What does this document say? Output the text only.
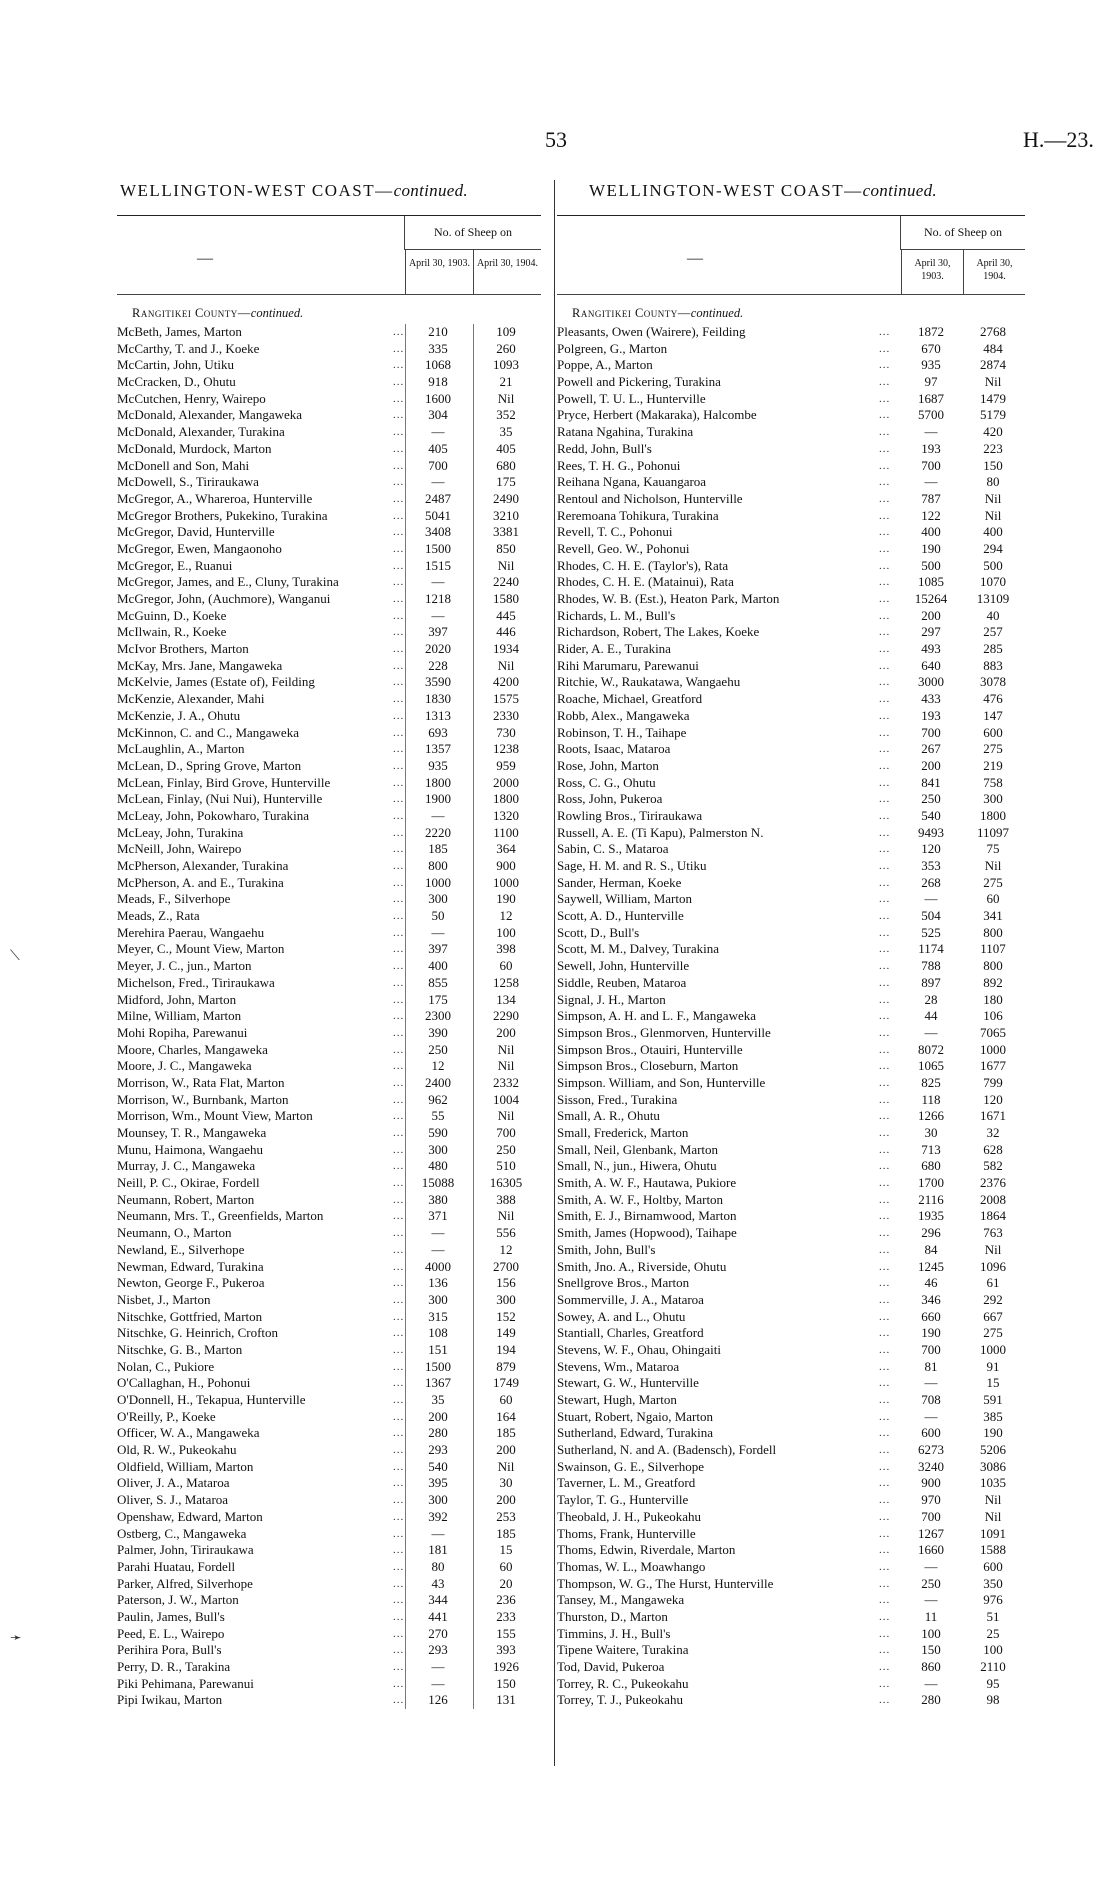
53	H.—23.
WELLINGTON-WEST COAST—continued.	WELLINGTON-WEST COAST—continued.
⟍
➛
—
No. of Sheep on
April 30, 1903. April 30, 1904.
Rangitikei County—continued.
McBeth, James, Marton	...	210	109
McCarthy, T. and J., Koeke	...	335	260
McCartin, John, Utiku	...	1068	1093
McCracken, D., Ohutu	...	918	21
McCutchen, Henry, Wairepo	...	1600	Nil
McDonald, Alexander, Mangaweka	...	304	352
McDonald, Alexander, Turakina	...	—	35
McDonald, Murdock, Marton	...	405	405
McDonell and Son, Mahi	...	700	680
McDowell, S., Tiriraukawa	...	—	175
McGregor, A., Whareroa, Hunterville	...	2487	2490
McGregor Brothers, Pukekino, Turakina	...	5041	3210
McGregor, David, Hunterville	...	3408	3381
McGregor, Ewen, Mangaonoho	...	1500	850
McGregor, E., Ruanui	...	1515	Nil
McGregor, James, and E., Cluny, Turakina	...	—	2240
McGregor, John, (Auchmore), Wanganui	...	1218	1580
McGuinn, D., Koeke	...	—	445
McIlwain, R., Koeke	...	397	446
McIvor Brothers, Marton	...	2020	1934
McKay, Mrs. Jane, Mangaweka	...	228	Nil
McKelvie, James (Estate of), Feilding	...	3590	4200
McKenzie, Alexander, Mahi	...	1830	1575
McKenzie, J. A., Ohutu	...	1313	2330
McKinnon, C. and C., Mangaweka	...	693	730
McLaughlin, A., Marton	...	1357	1238
McLean, D., Spring Grove, Marton	...	935	959
McLean, Finlay, Bird Grove, Hunterville	...	1800	2000
McLean, Finlay, (Nui Nui), Hunterville	...	1900	1800
McLeay, John, Pokowharo, Turakina	...	—	1320
McLeay, John, Turakina	...	2220	1100
McNeill, John, Wairepo	...	185	364
McPherson, Alexander, Turakina	...	800	900
McPherson, A. and E., Turakina	...	1000	1000
Meads, F., Silverhope	...	300	190
Meads, Z., Rata	...	50	12
Merehira Paerau, Wangaehu	...	—	100
Meyer, C., Mount View, Marton	...	397	398
Meyer, J. C., jun., Marton	...	400	60
Michelson, Fred., Tiriraukawa	...	855	1258
Midford, John, Marton	...	175	134
Milne, William, Marton	...	2300	2290
Mohi Ropiha, Parewanui	...	390	200
Moore, Charles, Mangaweka	...	250	Nil
Moore, J. C., Mangaweka	...	12	Nil
Morrison, W., Rata Flat, Marton	...	2400	2332
Morrison, W., Burnbank, Marton	...	962	1004
Morrison, Wm., Mount View, Marton	...	55	Nil
Mounsey, T. R., Mangaweka	...	590	700
Munu, Haimona, Wangaehu	...	300	250
Murray, J. C., Mangaweka	...	480	510
Neill, P. C., Okirae, Fordell	...	15088	16305
Neumann, Robert, Marton	...	380	388
Neumann, Mrs. T., Greenfields, Marton	...	371	Nil
Neumann, O., Marton	...	—	556
Newland, E., Silverhope	...	—	12
Newman, Edward, Turakina	...	4000	2700
Newton, George F., Pukeroa	...	136	156
Nisbet, J., Marton	...	300	300
Nitschke, Gottfried, Marton	...	315	152
Nitschke, G. Heinrich, Crofton	...	108	149
Nitschke, G. B., Marton	...	151	194
Nolan, C., Pukiore	...	1500	879
O'Callaghan, H., Pohonui	...	1367	1749
O'Donnell, H., Tekapua, Hunterville	...	35	60
O'Reilly, P., Koeke	...	200	164
Officer, W. A., Mangaweka	...	280	185
Old, R. W., Pukeokahu	...	293	200
Oldfield, William, Marton	...	540	Nil
Oliver, J. A., Mataroa	...	395	30
Oliver, S. J., Mataroa	...	300	200
Openshaw, Edward, Marton	...	392	253
Ostberg, C., Mangaweka	...	—	185
Palmer, John, Tiriraukawa	...	181	15
Parahi Huatau, Fordell	...	80	60
Parker, Alfred, Silverhope	...	43	20
Paterson, J. W., Marton	...	344	236
Paulin, James, Bull's	...	441	233
Peed, E. L., Wairepo	...	270	155
Perihira Pora, Bull's	...	293	393
Perry, D. R., Tarakina	...	—	1926
Piki Pehimana, Parewanui	...	—	150
Pipi Iwikau, Marton	...	126	131
—
No. of Sheep on
April 30, 1903.
April 30, 1904.
Rangitikei County—continued.
Pleasants, Owen (Wairere), Feilding	...	1872	2768
Polgreen, G., Marton	...	670	484
Poppe, A., Marton	...	935	2874
Powell and Pickering, Turakina	...	97	Nil
Powell, T. U. L., Hunterville	...	1687	1479
Pryce, Herbert (Makaraka), Halcombe	...	5700	5179
Ratana Ngahina, Turakina	...	—	420
Redd, John, Bull's	...	193	223
Rees, T. H. G., Pohonui	...	700	150
Reihana Ngana, Kauangaroa	...	—	80
Rentoul and Nicholson, Hunterville	...	787	Nil
Reremoana Tohikura, Turakina	...	122	Nil
Revell, T. C., Pohonui	...	400	400
Revell, Geo. W., Pohonui	...	190	294
Rhodes, C. H. E. (Taylor's), Rata	...	500	500
Rhodes, C. H. E. (Matainui), Rata	...	1085	1070
Rhodes, W. B. (Est.), Heaton Park, Marton	...	15264	13109
Richards, L. M., Bull's	...	200	40
Richardson, Robert, The Lakes, Koeke	...	297	257
Rider, A. E., Turakina	...	493	285
Rihi Marumaru, Parewanui	...	640	883
Ritchie, W., Raukatawa, Wangaehu	...	3000	3078
Roache, Michael, Greatford	...	433	476
Robb, Alex., Mangaweka	...	193	147
Robinson, T. H., Taihape	...	700	600
Roots, Isaac, Mataroa	...	267	275
Rose, John, Marton	...	200	219
Ross, C. G., Ohutu	...	841	758
Ross, John, Pukeroa	...	250	300
Rowling Bros., Tiriraukawa	...	540	1800
Russell, A. E. (Ti Kapu), Palmerston N.	...	9493	11097
Sabin, C. S., Mataroa	...	120	75
Sage, H. M. and R. S., Utiku	...	353	Nil
Sander, Herman, Koeke	...	268	275
Saywell, William, Marton	...	—	60
Scott, A. D., Hunterville	...	504	341
Scott, D., Bull's	...	525	800
Scott, M. M., Dalvey, Turakina	...	1174	1107
Sewell, John, Hunterville	...	788	800
Siddle, Reuben, Mataroa	...	897	892
Signal, J. H., Marton	...	28	180
Simpson, A. H. and L. F., Mangaweka	...	44	106
Simpson Bros., Glenmorven, Hunterville	...	—	7065
Simpson Bros., Otauiri, Hunterville	...	8072	1000
Simpson Bros., Closeburn, Marton	...	1065	1677
Simpson. William, and Son, Hunterville	...	825	799
Sisson, Fred., Turakina	...	118	120
Small, A. R., Ohutu	...	1266	1671
Small, Frederick, Marton	...	30	32
Small, Neil, Glenbank, Marton	...	713	628
Small, N., jun., Hiwera, Ohutu	...	680	582
Smith, A. W. F., Hautawa, Pukiore	...	1700	2376
Smith, A. W. F., Holtby, Marton	...	2116	2008
Smith, E. J., Birnamwood, Marton	...	1935	1864
Smith, James (Hopwood), Taihape	...	296	763
Smith, John, Bull's	...	84	Nil
Smith, Jno. A., Riverside, Ohutu	...	1245	1096
Snellgrove Bros., Marton	...	46	61
Sommerville, J. A., Mataroa	...	346	292
Sowey, A. and L., Ohutu	...	660	667
Stantiall, Charles, Greatford	...	190	275
Stevens, W. F., Ohau, Ohingaiti	...	700	1000
Stevens, Wm., Mataroa	...	81	91
Stewart, G. W., Hunterville	...	—	15
Stewart, Hugh, Marton	...	708	591
Stuart, Robert, Ngaio, Marton	...	—	385
Sutherland, Edward, Turakina	...	600	190
Sutherland, N. and A. (Badensch), Fordell	...	6273	5206
Swainson, G. E., Silverhope	...	3240	3086
Taverner, L. M., Greatford	...	900	1035
Taylor, T. G., Hunterville	...	970	Nil
Theobald, J. H., Pukeokahu	...	700	Nil
Thoms, Frank, Hunterville	...	1267	1091
Thoms, Edwin, Riverdale, Marton	...	1660	1588
Thomas, W. L., Moawhango	...	—	600
Thompson, W. G., The Hurst, Hunterville	...	250	350
Tansey, M., Mangaweka	...	—	976
Thurston, D., Marton	...	11	51
Timmins, J. H., Bull's	...	100	25
Tipene Waitere, Turakina	...	150	100
Tod, David, Pukeroa	...	860	2110
Torrey, R. C., Pukeokahu	...	—	95
Torrey, T. J., Pukeokahu	...	280	98
